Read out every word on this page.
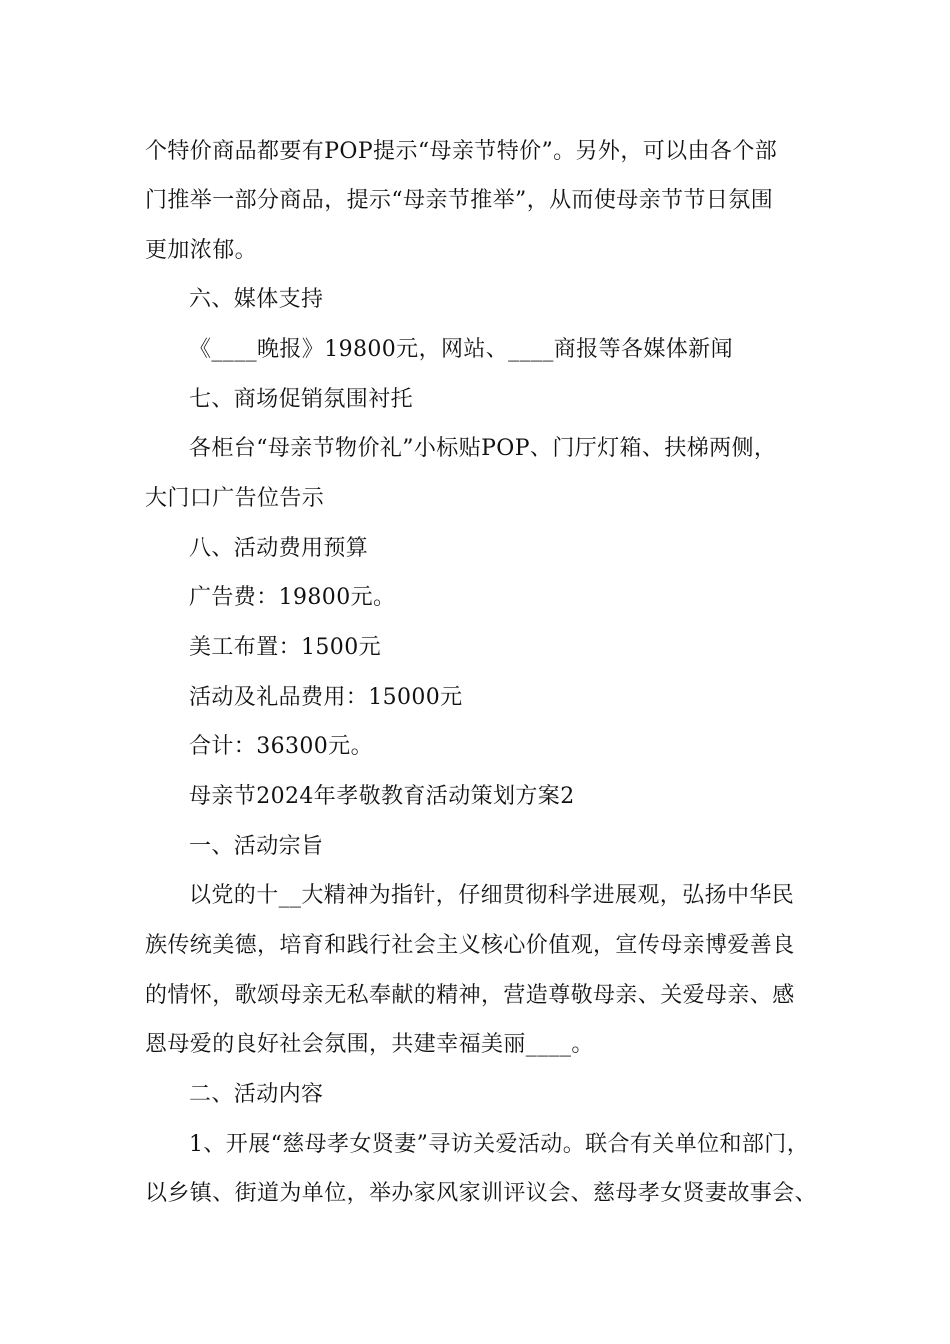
个特价商品都要有POP提示“母亲节特价”。另外，可以由各个部
门推举一部分商品，提示“母亲节推举”，从而使母亲节节日氛围
更加浓郁。
六、媒体支持
《____晚报》19800元，网站、____商报等各媒体新闻
七、商场促销氛围衬托
各柜台“母亲节物价礼”小标贴POP、门厅灯箱、扶梯两侧，
大门口广告位告示
八、活动费用预算
广告费：19800元。
美工布置：1500元
活动及礼品费用：15000元
合计：36300元。
母亲节2024年孝敬教育活动策划方案2
一、活动宗旨
以党的十__大精神为指针，仔细贯彻科学进展观，弘扬中华民
族传统美德，培育和践行社会主义核心价值观，宣传母亲博爱善良
的情怀，歌颂母亲无私奉献的精神，营造尊敬母亲、关爱母亲、感
恩母爱的良好社会氛围，共建幸福美丽____。
二、活动内容
1、开展“慈母孝女贤妻”寻访关爱活动。联合有关单位和部门，
以乡镇、街道为单位，举办家风家训评议会、慈母孝女贤妻故事会、
